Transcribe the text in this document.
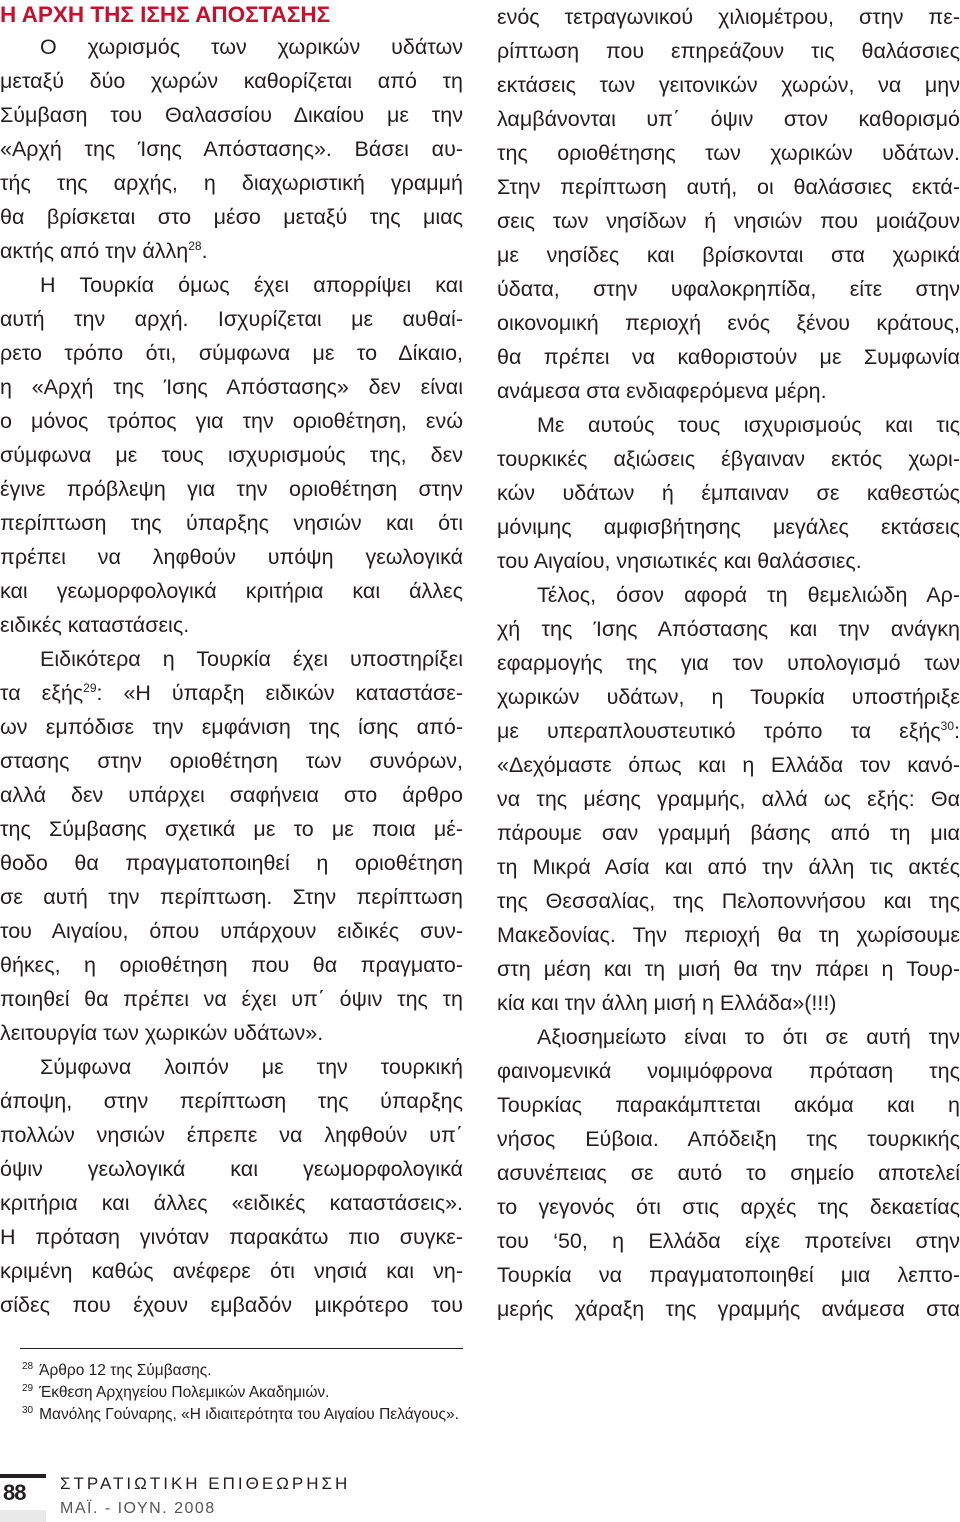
Η ΑΡΧΗ ΤΗΣ ΙΣΗΣ ΑΠΟΣΤΑΣΗΣ
Ο χωρισμός των χωρικών υδάτων
μεταξύ δύο χωρών καθορίζεται από τη
Σύμβαση του Θαλασσίου Δικαίου με την
«Αρχή της Ίσης Απόστασης». Βάσει αυ-
τής της αρχής, η διαχωριστική γραμμή
θα βρίσκεται στο μέσο μεταξύ της μιας
ακτής από την άλλη$^{28}$.
Η Τουρκία όμως έχει απορρίψει και
αυτή την αρχή. Ισχυρίζεται με αυθαί-
ρετο τρόπο ότι, σύμφωνα με το Δίκαιο,
η «Αρχή της Ίσης Απόστασης» δεν είναι
ο μόνος τρόπος για την οριοθέτηση, ενώ
σύμφωνα με τους ισχυρισμούς της, δεν
έγινε πρόβλεψη για την οριοθέτηση στην
περίπτωση της ύπαρξης νησιών και ότι
πρέπει να ληφθούν υπόψη γεωλογικά
και γεωμορφολογικά κριτήρια και άλλες
ειδικές καταστάσεις.
Ειδικότερα η Τουρκία έχει υποστηρίξει
τα εξής$^{29}$: «Η ύπαρξη ειδικών καταστάσε-
ων εμπόδισε την εμφάνιση της ίσης από-
στασης στην οριοθέτηση των συνόρων,
αλλά δεν υπάρχει σαφήνεια στο άρθρο
της Σύμβασης σχετικά με το με ποια μέ-
θοδο θα πραγματοποιηθεί η οριοθέτηση
σε αυτή την περίπτωση. Στην περίπτωση
του Αιγαίου, όπου υπάρχουν ειδικές συν-
θήκες, η οριοθέτηση που θα πραγματο-
ποιηθεί θα πρέπει να έχει υπ΄ όψιν της τη
λειτουργία των χωρικών υδάτων».
Σύμφωνα λοιπόν με την τουρκική
άποψη, στην περίπτωση της ύπαρξης
πολλών νησιών έπρεπε να ληφθούν υπ΄
όψιν γεωλογικά και γεωμορφολογικά
κριτήρια και άλλες «ειδικές καταστάσεις».
Η πρόταση γινόταν παρακάτω πιο συγκε-
κριμένη καθώς ανέφερε ότι νησιά και νη-
σίδες που έχουν εμβαδόν μικρότερο του
ενός τετραγωνικού χιλιομέτρου, στην πε-
ρίπτωση που επηρεάζουν τις θαλάσσιες
εκτάσεις των γειτονικών χωρών, να μην
λαμβάνονται υπ΄ όψιν στον καθορισμό
της οριοθέτησης των χωρικών υδάτων.
Στην περίπτωση αυτή, οι θαλάσσιες εκτά-
σεις των νησίδων ή νησιών που μοιάζουν
με νησίδες και βρίσκονται στα χωρικά
ύδατα, στην υφαλοκρηπίδα, είτε στην
οικονομική περιοχή ενός ξένου κράτους,
θα πρέπει να καθοριστούν με Συμφωνία
ανάμεσα στα ενδιαφερόμενα μέρη.
Με αυτούς τους ισχυρισμούς και τις
τουρκικές αξιώσεις έβγαιναν εκτός χωρι-
κών υδάτων ή έμπαιναν σε καθεστώς
μόνιμης αμφισβήτησης μεγάλες εκτάσεις
του Αιγαίου, νησιωτικές και θαλάσσιες.
Τέλος, όσον αφορά τη θεμελιώδη Αρ-
χή της Ίσης Απόστασης και την ανάγκη
εφαρμογής της για τον υπολογισμό των
χωρικών υδάτων, η Τουρκία υποστήριξε
με υπεραπλουστευτικό τρόπο τα εξής$^{30}$:
«Δεχόμαστε όπως και η Ελλάδα τον κανό-
να της μέσης γραμμής, αλλά ως εξής: Θα
πάρουμε σαν γραμμή βάσης από τη μια
τη Μικρά Ασία και από την άλλη τις ακτές
της Θεσσαλίας, της Πελοποννήσου και της
Μακεδονίας. Την περιοχή θα τη χωρίσουμε
στη μέση και τη μισή θα την πάρει η Τουρ-
κία και την άλλη μισή η Ελλάδα»(!!!)
Αξιοσημείωτο είναι το ότι σε αυτή την
φαινομενικά νομιμόφρονα πρόταση της
Τουρκίας παρακάμπτεται ακόμα και η
νήσος Εύβοια. Απόδειξη της τουρκικής
ασυνέπειας σε αυτό το σημείο αποτελεί
το γεγονός ότι στις αρχές της δεκαετίας
του ‘50, η Ελλάδα είχε προτείνει στην
Τουρκία να πραγματοποιηθεί μια λεπτο-
μερής χάραξη της γραμμής ανάμεσα στα
$^{28}$ Άρθρο 12 της Σύμβασης.
$^{29}$ Έκθεση Αρχηγείου Πολεμικών Ακαδημιών.
$^{30}$ Μανόλης Γούναρης, «Η ιδιαιτερότητα του Αιγαίου Πελάγους».
88 ΣΤΡΑΤΙΩΤΙΚΗ ΕΠΙΘΕΩΡΗΣΗ
ΜΑΪ. - ΙΟΥΝ. 2008
